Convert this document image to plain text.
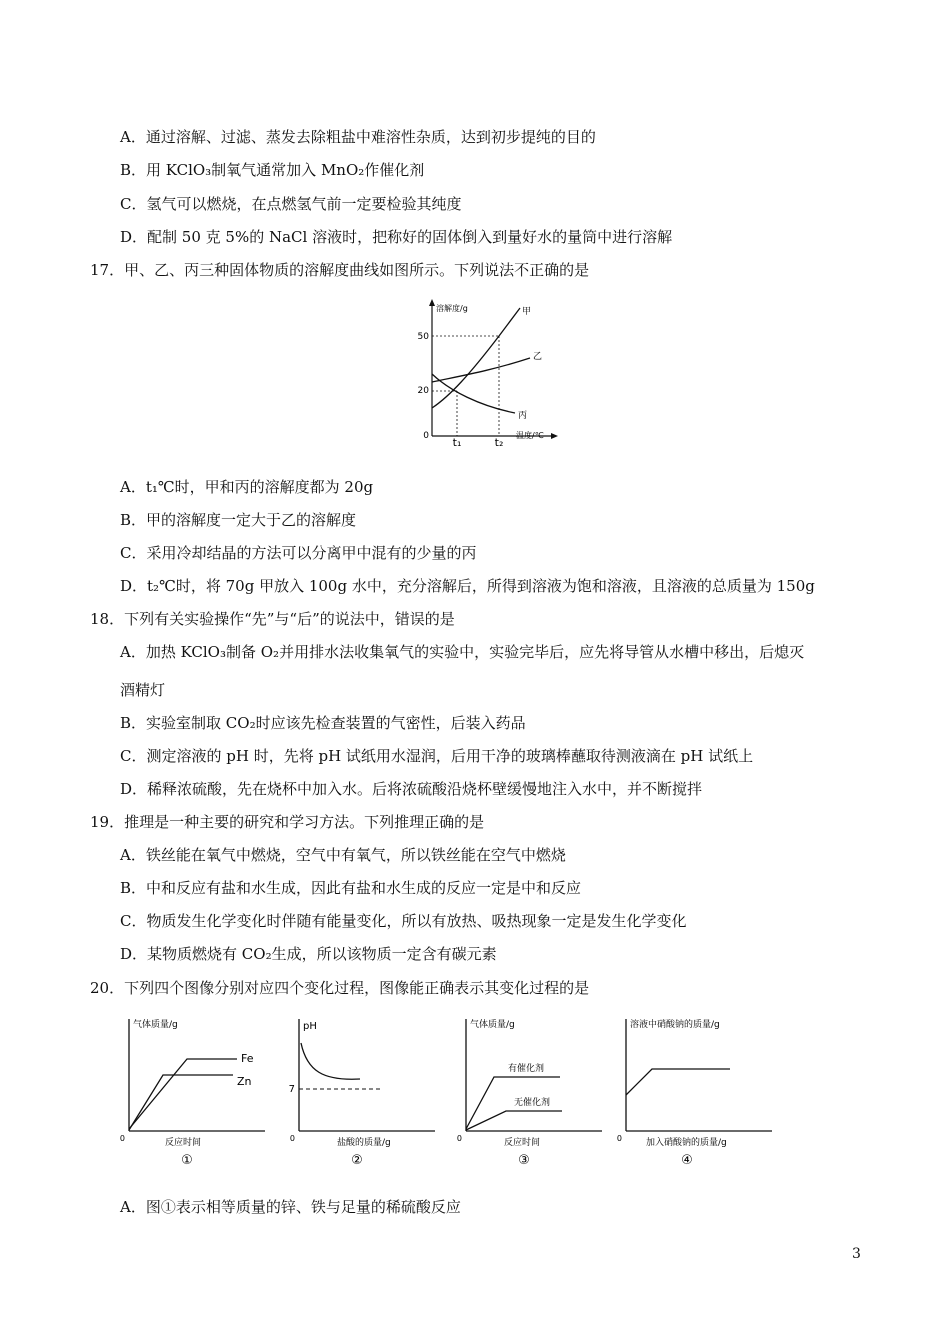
A．通过溶解、过滤、蒸发去除粗盐中难溶性杂质，达到初步提纯的目的
B．用 KClO₃制氧气通常加入 MnO₂作催化剂
C．氢气可以燃烧，在点燃氢气前一定要检验其纯度
D．配制 50 克 5%的 NaCl 溶液时，把称好的固体倒入到量好水的量筒中进行溶解
17．甲、乙、丙三种固体物质的溶解度曲线如图所示。下列说法不正确的是
溶解度/g
温度/℃
0
50
20
t₁	t₂
甲
乙
丙
A．t₁℃时，甲和丙的溶解度都为 20g
B．甲的溶解度一定大于乙的溶解度
C．采用冷却结晶的方法可以分离甲中混有的少量的丙
D．t₂℃时，将 70g 甲放入 100g 水中，充分溶解后，所得到溶液为饱和溶液，且溶液的总质量为 150g
18．下列有关实验操作“先”与“后”的说法中，错误的是
A．加热 KClO₃制备 O₂并用排水法收集氧气的实验中，实验完毕后，应先将导管从水槽中移出，后熄灭
酒精灯
B．实验室制取 CO₂时应该先检查装置的气密性，后装入药品
C．测定溶液的 pH 时，先将 pH 试纸用水湿润，后用干净的玻璃棒蘸取待测液滴在 pH 试纸上
D．稀释浓硫酸，先在烧杯中加入水。后将浓硫酸沿烧杯壁缓慢地注入水中，并不断搅拌
19．推理是一种主要的研究和学习方法。下列推理正确的是
A．铁丝能在氧气中燃烧，空气中有氧气，所以铁丝能在空气中燃烧
B．中和反应有盐和水生成，因此有盐和水生成的反应一定是中和反应
C．物质发生化学变化时伴随有能量变化，所以有放热、吸热现象一定是发生化学变化
D．某物质燃烧有 CO₂生成，所以该物质一定含有碳元素
20．下列四个图像分别对应四个变化过程，图像能正确表示其变化过程的是
气体质量/g
反应时间
0
Fe
Zn
①
pH
盐酸的质量/g
0
7
②
气体质量/g
反应时间
0
有催化剂
无催化剂
③
溶液中硝酸钠的质量/g
加入硝酸钠的质量/g
0
④
A．图①表示相等质量的锌、铁与足量的稀硫酸反应
3
